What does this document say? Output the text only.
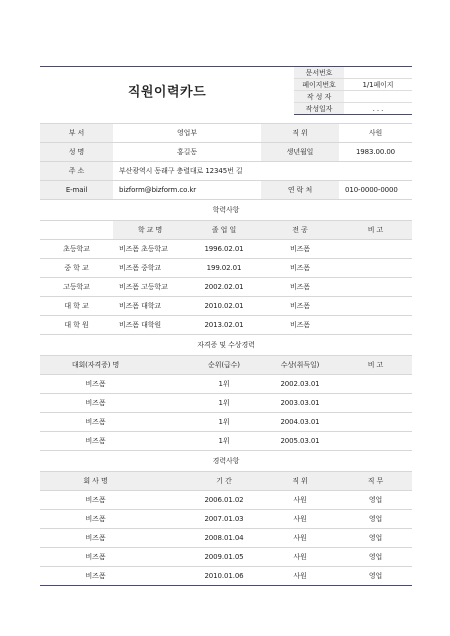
직원이력카드	문서번호	
	페이지번호	1/1페이지
	작 성 자	
	작성일자	. . .
부 서	영업부		직 위	사원
성 명	홍길동		생년월일	1983.00.00
주 소	부산광역시 동래구 충렬대로 12345번 길			
E-mail	bizform@bizform.co.kr		연 락 처	010-0000-0000
학력사항				
	학 교 명	졸 업 일	전 공	비 고
초등학교	비즈폼 초등학교	1996.02.01	비즈폼	
중 학 교	비즈폼 중학교	199.02.01	비즈폼	
고등학교	비즈폼 고등학교	2002.02.01	비즈폼	
대 학 교	비즈폼 대학교	2010.02.01	비즈폼	
대 학 원	비즈폼 대학원	2013.02.01	비즈폼	
자격증 및 수상경력				
대회(자격증) 명		순위(급수)	수상(취득일)	비 고
비즈폼		1위	2002.03.01	
비즈폼		1위	2003.03.01	
비즈폼		1위	2004.03.01	
비즈폼		1위	2005.03.01	
경력사항				
회 사 명		기 간	직 위	직 무
비즈폼		2006.01.02	사원	영업
비즈폼		2007.01.03	사원	영업
비즈폼		2008.01.04	사원	영업
비즈폼		2009.01.05	사원	영업
비즈폼		2010.01.06	사원	영업
